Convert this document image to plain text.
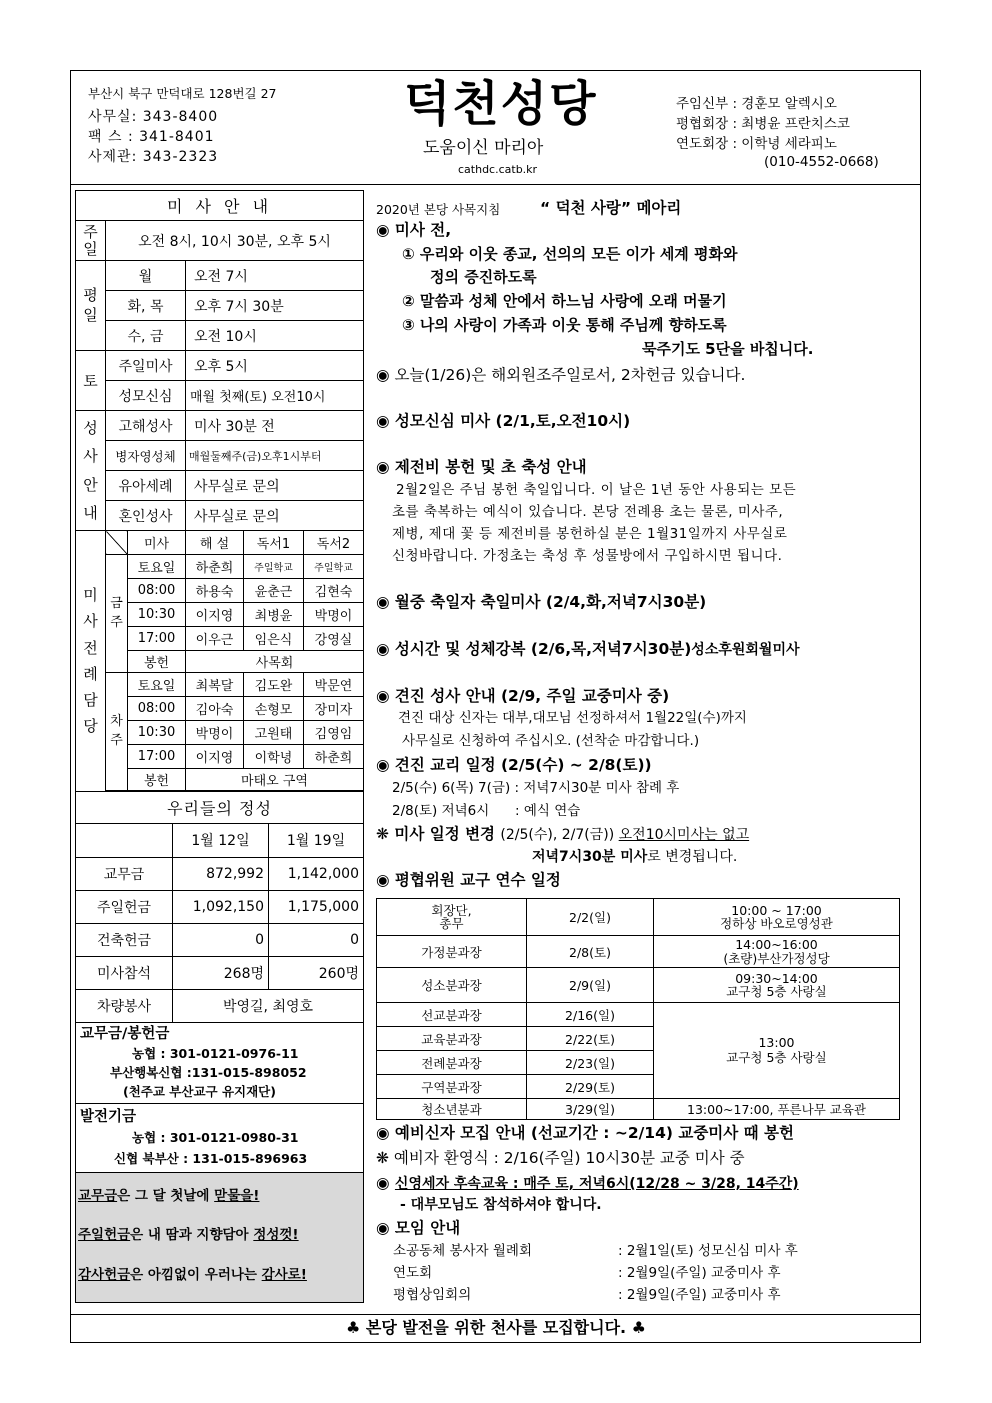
부산시 북구 만덕대로 128번길 27
사무실: 343-8400
팩 스 : 341-8401
사제관: 343-2323
덕천성당
도움이신 마리아
cathdc.catb.kr
주임신부 : 경훈모 알렉시오
평협회장 : 최병윤 프란치스코
연도회장 : 이학녕 세라피노
(010-4552-0668)
미 사 안 내		
주일	오전 8시, 10시 30분, 오후 5시	
평일	월	오전 7시
	화, 목	오후 7시 30분
	수, 금	오전 10시
토	주일미사	오후 5시
	성모신심	매월 첫째(토) 오전10시
성사안내	고해성사	미사 30분 전
	병자영성체	매월둘째주(금)오후1시부터
	유아세례	사무실로 문의
	혼인성사	사무실로 문의
미사전례담당		미사	해 설	독서1	독서2
	금주	토요일	하춘희	주일학교	주일학교
		08:00	하용숙	윤춘근	김현숙
		10:30	이지영	최병윤	박명이
		17:00	이우근	임은식	강영실
		봉헌	사목회		
	차주	토요일	최복달	김도완	박문연
		08:00	김아숙	손형모	장미자
		10:30	박명이	고원태	김영임
		17:00	이지영	이학녕	하춘희
		봉헌	마태오 구역		

우리들의 정성		
	1월 12일	1월 19일
교무금	872,992	1,142,000
주일헌금	1,092,150	1,175,000
건축헌금	0	0
미사참석	268명	260명
차량봉사	박영길, 최영호	
교무금/봉헌금
농협 : 301-0121-0976-11
부산행복신협 :131-015-898052
(천주교 부산교구 유지재단)
발전기금
농협 : 301-0121-0980-31
신협 북부산 : 131-015-896963
교무금은 그 달 첫날에 맏물을!
주일헌금은 내 땀과 지향담아 정성껏!
감사헌금은 아낌없이 우러나는 감사로!
2020년 본당 사목지침	“ 덕천 사랑” 메아리
◉ 미사 전,
① 우리와 이웃 종교, 선의의 모든 이가 세계 평화와
정의 증진하도록
② 말씀과 성체 안에서 하느님 사랑에 오래 머물기
③ 나의 사랑이 가족과 이웃 통해 주님께 향하도록
묵주기도 5단을 바칩니다.
◉ 오늘(1/26)은 해외원조주일로서, 2차헌금 있습니다.
◉ 성모신심 미사 (2/1,토,오전10시)
◉ 제전비 봉헌 및 초 축성 안내
2월2일은 주님 봉헌 축일입니다. 이 날은 1년 동안 사용되는 모든
초를 축복하는 예식이 있습니다. 본당 전례용 초는 물론, 미사주,
제병, 제대 꽃 등 제전비를 봉헌하실 분은 1월31일까지 사무실로
신청바랍니다. 가정초는 축성 후 성물방에서 구입하시면 됩니다.
◉ 월중 축일자 축일미사 (2/4,화,저녁7시30분)
◉ 성시간 및 성체강복 (2/6,목,저녁7시30분)성소후원회월미사
◉ 견진 성사 안내 (2/9, 주일 교중미사 중)
견진 대상 신자는 대부,대모님 선정하셔서 1월22일(수)까지
사무실로 신청하여 주십시오. (선착순 마감합니다.)
◉ 견진 교리 일정 (2/5(수) ~ 2/8(토))
2/5(수) 6(목) 7(금) : 저녁7시30분 미사 참례 후
2/8(토) 저녁6시      : 예식 연습
❋ 미사 일정 변경 (2/5(수), 2/7(금)) 오전10시미사는 없고
저녁7시30분 미사로 변경됩니다.
◉ 평협위원 교구 연수 일정
회장단,
총무	2/2(일)	10:00 ~ 17:00
정하상 바오로영성관
가정분과장	2/8(토)	14:00~16:00
(초량)부산가정성당
성소분과장	2/9(일)	09:30~14:00
교구청 5층 사랑실
선교분과장	2/16(일)	13:00
교구청 5층 사랑실
교육분과장	2/22(토)	
전례분과장	2/23(일)	
구역분과장	2/29(토)	
청소년분과	3/29(일)	13:00~17:00, 푸른나무 교육관
◉ 예비신자 모집 안내 (선교기간 : ~2/14) 교중미사 때 봉헌
❋ 예비자 환영식 : 2/16(주일) 10시30분 교중 미사 중
◉ 신영세자 후속교육 : 매주 토, 저녁6시(12/28 ~ 3/28, 14주간)
- 대부모님도 참석하셔야 합니다.
◉ 모임 안내
소공동체 봉사자 월례회	: 2월1일(토) 성모신심 미사 후
연도회	: 2월9일(주일) 교중미사 후
평협상임회의	: 2월9일(주일) 교중미사 후
♣ 본당 발전을 위한 천사를 모집합니다. ♣
